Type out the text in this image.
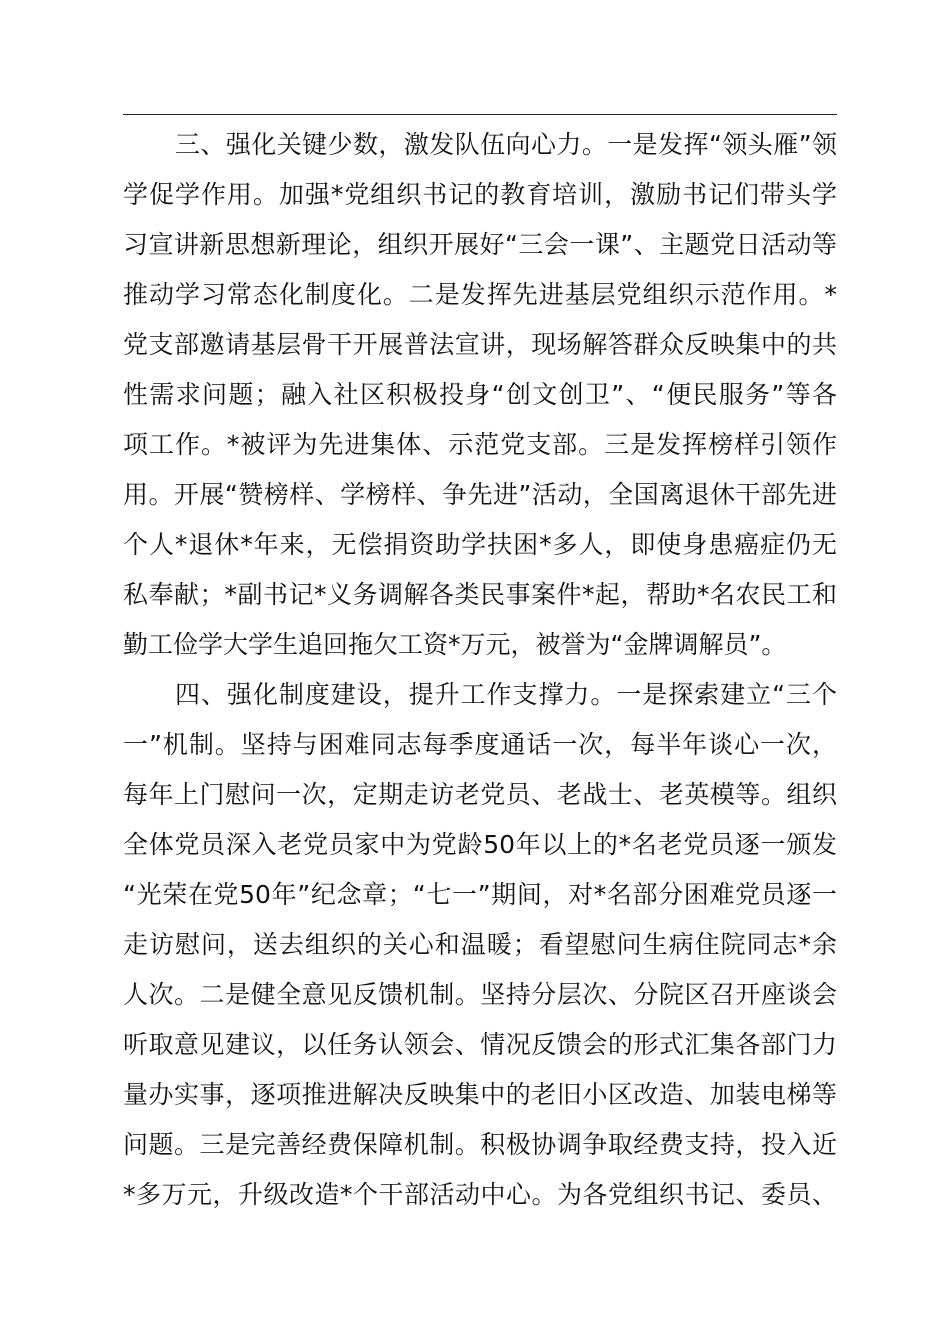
三、强化关键少数，激发队伍向心力。一是发挥“领头雁”领
学促学作用。加强*党组织书记的教育培训，激励书记们带头学
习宣讲新思想新理论，组织开展好“三会一课”、主题党日活动等
推动学习常态化制度化。二是发挥先进基层党组织示范作用。*
党支部邀请基层骨干开展普法宣讲，现场解答群众反映集中的共
性需求问题；融入社区积极投身“创文创卫”、“便民服务”等各
项工作。*被评为先进集体、示范党支部。三是发挥榜样引领作
用。开展“赞榜样、学榜样、争先进”活动，全国离退休干部先进
个人*退休*年来，无偿捐资助学扶困*多人，即使身患癌症仍无
私奉献；*副书记*义务调解各类民事案件*起，帮助*名农民工和
勤工俭学大学生追回拖欠工资*万元，被誉为“金牌调解员”。
四、强化制度建设，提升工作支撑力。一是探索建立“三个
一”机制。坚持与困难同志每季度通话一次，每半年谈心一次，
每年上门慰问一次，定期走访老党员、老战士、老英模等。组织
全体党员深入老党员家中为党龄50年以上的*名老党员逐一颁发
“光荣在党50年”纪念章；“七一”期间，对*名部分困难党员逐一
走访慰问，送去组织的关心和温暖；看望慰问生病住院同志*余
人次。二是健全意见反馈机制。坚持分层次、分院区召开座谈会
听取意见建议，以任务认领会、情况反馈会的形式汇集各部门力
量办实事，逐项推进解决反映集中的老旧小区改造、加装电梯等
问题。三是完善经费保障机制。积极协调争取经费支持，投入近
*多万元，升级改造*个干部活动中心。为各党组织书记、委员、
